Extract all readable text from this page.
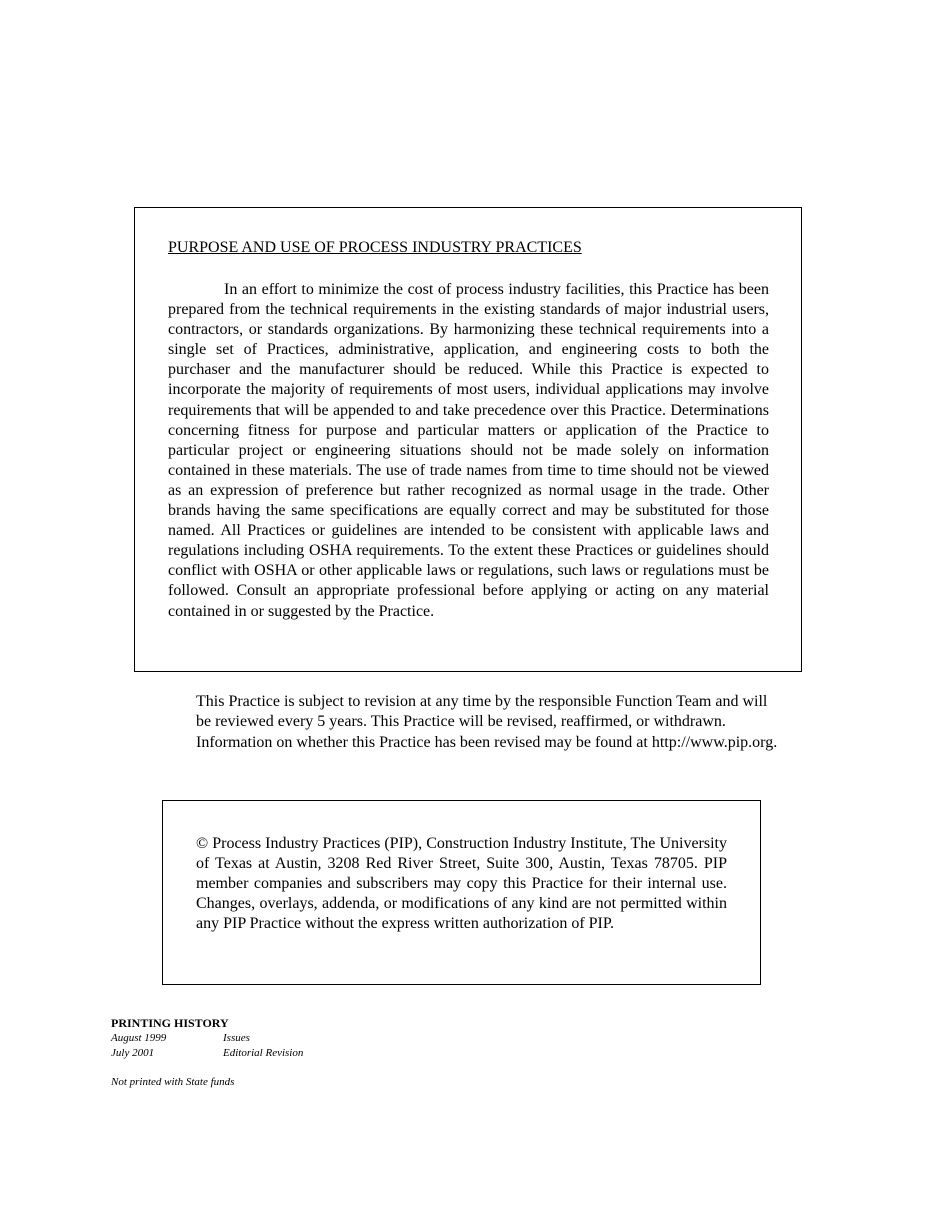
PURPOSE AND USE OF PROCESS INDUSTRY PRACTICES

In an effort to minimize the cost of process industry facilities, this Practice has been prepared from the technical requirements in the existing standards of major industrial users, contractors, or standards organizations. By harmonizing these technical requirements into a single set of Practices, administrative, application, and engineering costs to both the purchaser and the manufacturer should be reduced. While this Practice is expected to incorporate the majority of requirements of most users, individual applications may involve requirements that will be appended to and take precedence over this Practice. Determinations concerning fitness for purpose and particular matters or application of the Practice to particular project or engineering situations should not be made solely on information contained in these materials. The use of trade names from time to time should not be viewed as an expression of preference but rather recognized as normal usage in the trade. Other brands having the same specifications are equally correct and may be substituted for those named. All Practices or guidelines are intended to be consistent with applicable laws and regulations including OSHA requirements. To the extent these Practices or guidelines should conflict with OSHA or other applicable laws or regulations, such laws or regulations must be followed. Consult an appropriate professional before applying or acting on any material contained in or suggested by the Practice.

This Practice is subject to revision at any time by the responsible Function Team and will be reviewed every 5 years. This Practice will be revised, reaffirmed, or withdrawn. Information on whether this Practice has been revised may be found at http://www.pip.org.

© Process Industry Practices (PIP), Construction Industry Institute, The University of Texas at Austin, 3208 Red River Street, Suite 300, Austin, Texas 78705. PIP member companies and subscribers may copy this Practice for their internal use. Changes, overlays, addenda, or modifications of any kind are not permitted within any PIP Practice without the express written authorization of PIP.

PRINTING HISTORY

August 1999	Issues
July 2001	Editorial Revision

Not printed with State funds
